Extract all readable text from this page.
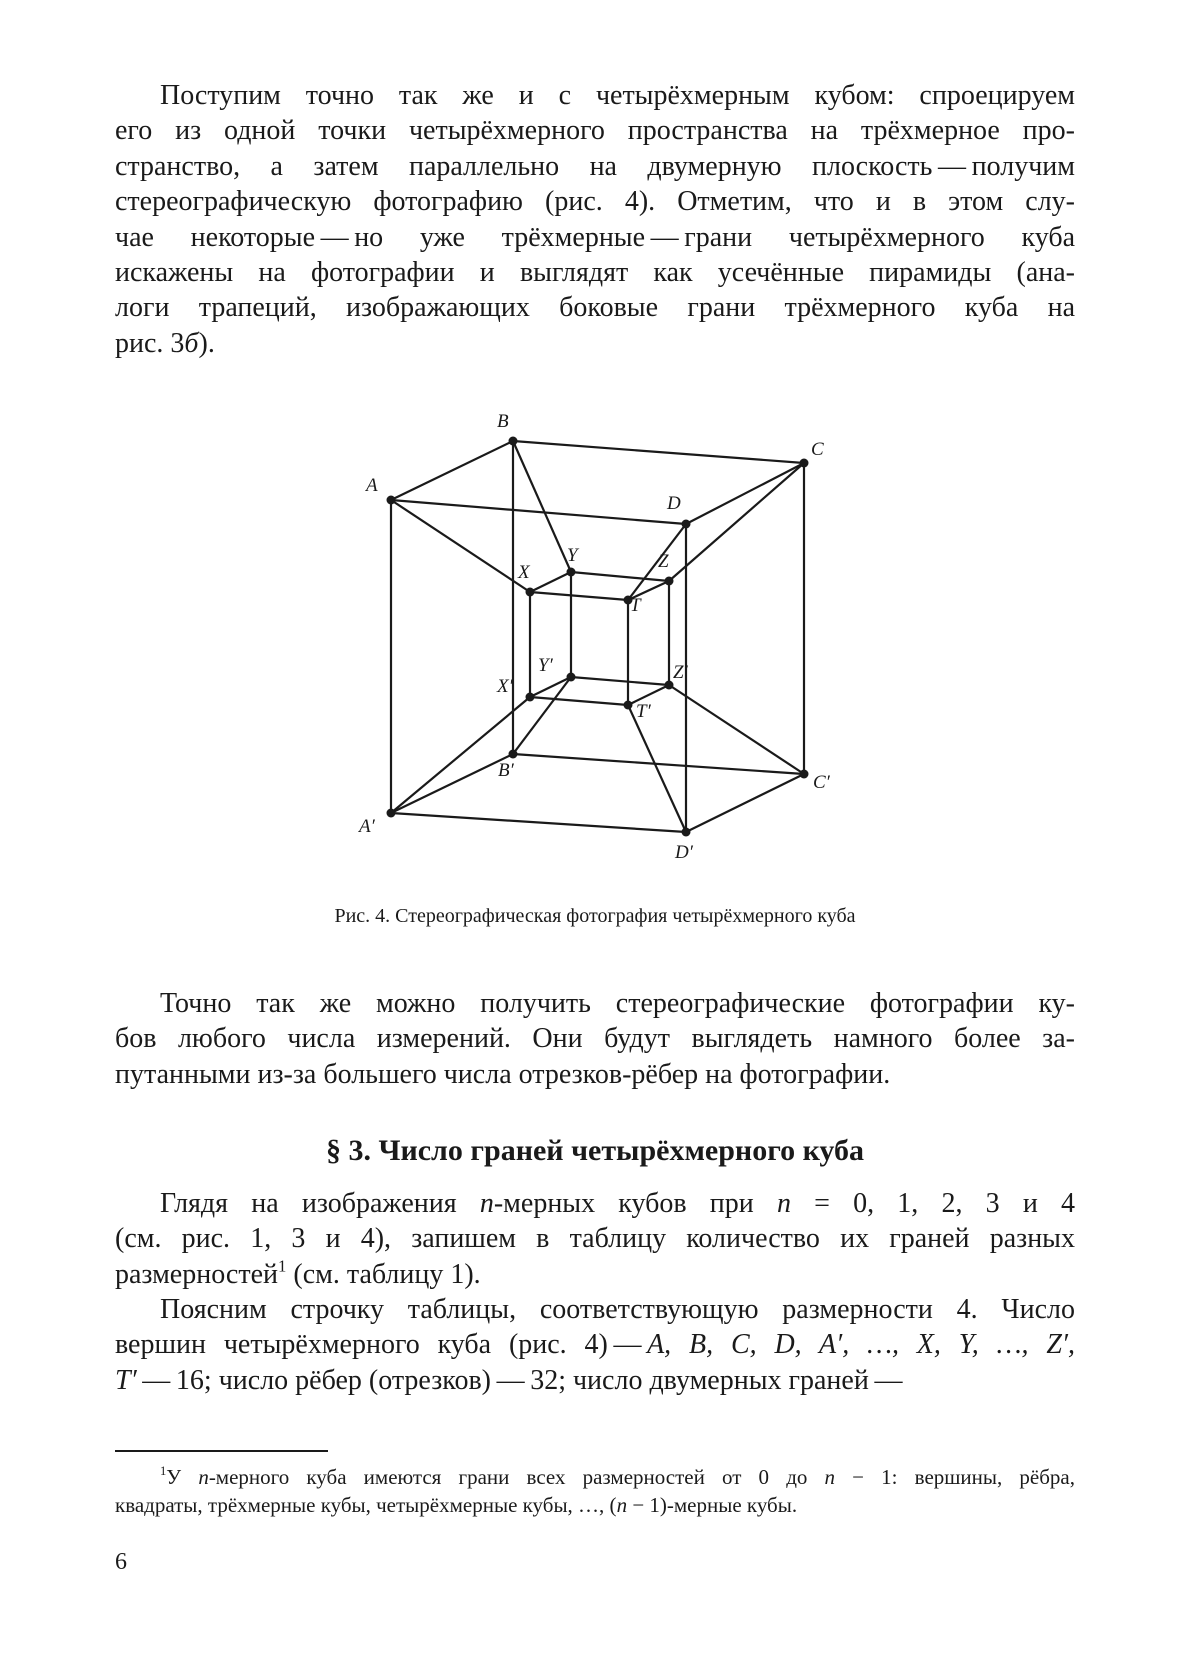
Поступим точно так же и с четырёхмерным кубом: спроецируем
его из одной точки четырёхмерного пространства на трёхмерное про-
странство, а затем параллельно на двумерную плоскость — получим
стереографическую фотографию (рис. 4). Отметим, что и в этом слу-
чае некоторые — но уже трёхмерные — грани четырёхмерного куба
искажены на фотографии и выглядят как усечённые пирамиды (ана-
логи трапеций, изображающих боковые грани трёхмерного куба на
рис. 3б).
A
B
C
D
X
Y	Z
T
X′
Y′	Z′
T′
A′
B′
C′
D′
Рис. 4. Стереографическая фотография четырёхмерного куба
Точно так же можно получить стереографические фотографии ку-
бов любого числа измерений. Они будут выглядеть намного более за-
путанными из-за большего числа отрезков-рёбер на фотографии.
§ 3. Число граней четырёхмерного куба
Глядя на изображения n-мерных кубов при n = 0, 1, 2, 3 и 4
(см. рис. 1, 3 и 4), запишем в таблицу количество их граней разных
размерностей1 (см. таблицу 1).
Поясним строчку таблицы, соответствующую размерности 4. Число
вершин четырёхмерного куба (рис. 4) — A, B, C, D, A′, …, X, Y, …, Z′,
T′ — 16; число рёбер (отрезков) — 32; число двумерных граней —
1У n-мерного куба имеются грани всех размерностей от 0 до n − 1: вершины, рёбра,
квадраты, трёхмерные кубы, четырёхмерные кубы, …, (n − 1)-мерные кубы.
6
